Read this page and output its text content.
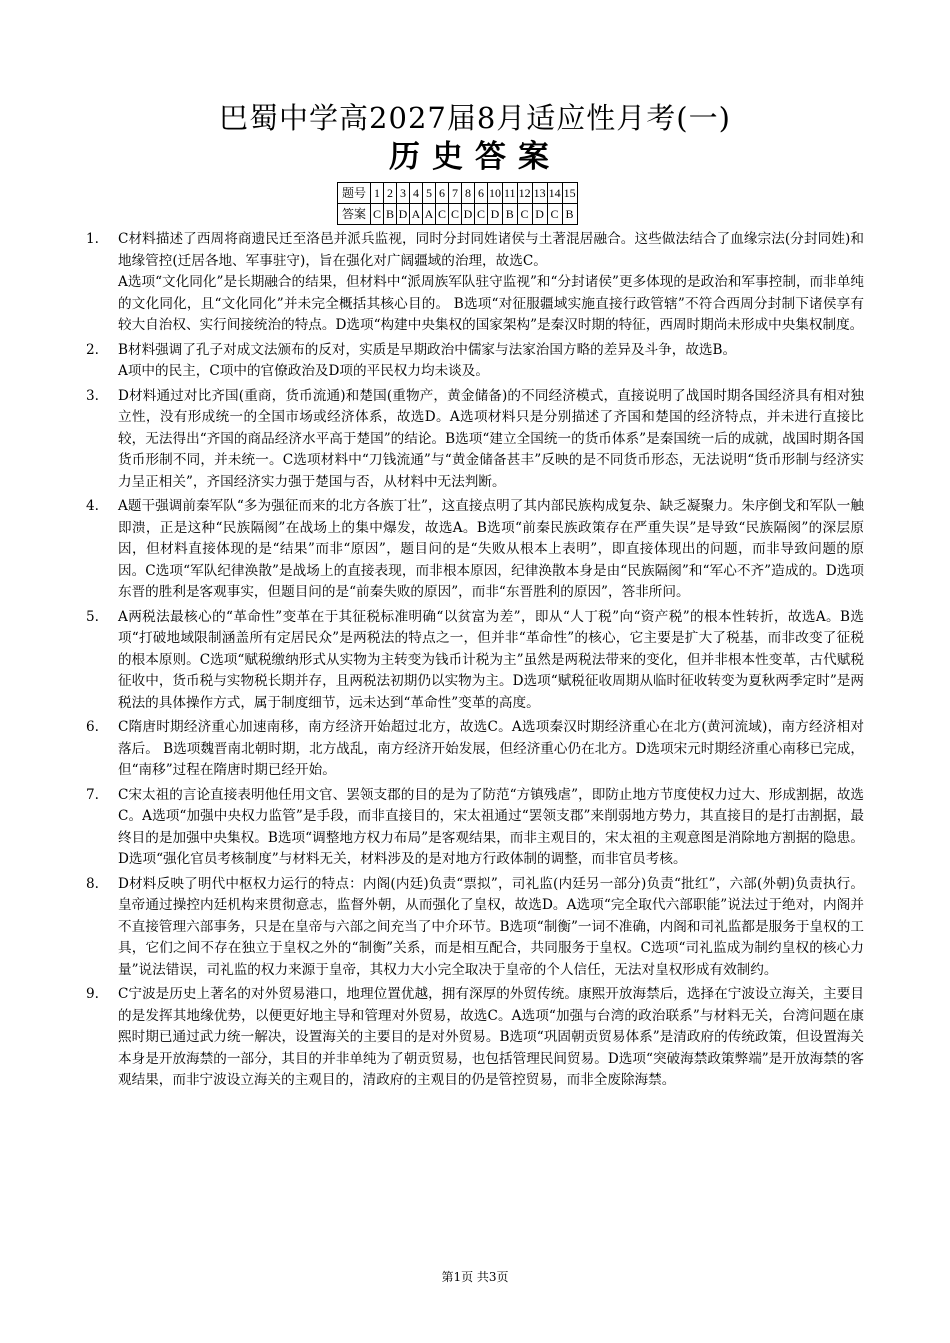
巴蜀中学高2027届8月适应性月考(一)
历史答案
题号	1	2	3	4	5	6	7	8	6	10	11	12	13	14	15
答案	C	B	D	A	A	C	C	D	C	D	B	C	D	C	B
1. C材料描述了西周将商遗民迁至洛邑并派兵监视，同时分封同姓诸侯与土著混居融合。这些做法结合了血缘宗法(分封同姓)和地缘管控(迁居各地、军事驻守)，旨在强化对广阔疆域的治理，故选C。
A选项“文化同化”是长期融合的结果，但材料中“派周族军队驻守监视”和“分封诸侯”更多体现的是政治和军事控制，而非单纯的文化同化，且“文化同化”并未完全概括其核心目的。 B选项“对征服疆域实施直接行政管辖”不符合西周分封制下诸侯享有较大自治权、实行间接统治的特点。D选项“构建中央集权的国家架构”是秦汉时期的特征，西周时期尚未形成中央集权制度。
2. B材料强调了孔子对成文法颁布的反对，实质是早期政治中儒家与法家治国方略的差异及斗争，故选B。
A项中的民主，C项中的官僚政治及D项的平民权力均未谈及。
3. D材料通过对比齐国(重商，货币流通)和楚国(重物产，黄金储备)的不同经济模式，直接说明了战国时期各国经济具有相对独立性，没有形成统一的全国市场或经济体系，故选D。A选项材料只是分别描述了齐国和楚国的经济特点，并未进行直接比较，无法得出“齐国的商品经济水平高于楚国”的结论。B选项“建立全国统一的货币体系”是秦国统一后的成就，战国时期各国货币形制不同，并未统一。C选项材料中“刀钱流通”与“黄金储备甚丰”反映的是不同货币形态，无法说明“货币形制与经济实力呈正相关”，齐国经济实力强于楚国与否，从材料中无法判断。
4. A题干强调前秦军队“多为强征而来的北方各族丁壮”，这直接点明了其内部民族构成复杂、缺乏凝聚力。朱序倒戈和军队一触即溃，正是这种“民族隔阂”在战场上的集中爆发，故选A。B选项“前秦民族政策存在严重失误”是导致“民族隔阂”的深层原因，但材料直接体现的是“结果”而非“原因”，题目问的是“失败从根本上表明”，即直接体现出的问题，而非导致问题的原因。C选项“军队纪律涣散”是战场上的直接表现，而非根本原因，纪律涣散本身是由“民族隔阂”和“军心不齐”造成的。D选项东晋的胜利是客观事实，但题目问的是“前秦失败的原因”，而非“东晋胜利的原因”，答非所问。
5. A两税法最核心的“革命性”变革在于其征税标准明确“以贫富为差”，即从“人丁税”向“资产税”的根本性转折，故选A。B选项“打破地域限制涵盖所有定居民众”是两税法的特点之一，但并非“革命性”的核心，它主要是扩大了税基，而非改变了征税的根本原则。C选项“赋税缴纳形式从实物为主转变为钱币计税为主”虽然是两税法带来的变化，但并非根本性变革，古代赋税征收中，货币税与实物税长期并存，且两税法初期仍以实物为主。D选项“赋税征收周期从临时征收转变为夏秋两季定时”是两税法的具体操作方式，属于制度细节，远未达到“革命性”变革的高度。
6. C隋唐时期经济重心加速南移，南方经济开始超过北方，故选C。A选项秦汉时期经济重心在北方(黄河流域)，南方经济相对落后。 B选项魏晋南北朝时期，北方战乱，南方经济开始发展，但经济重心仍在北方。D选项宋元时期经济重心南移已完成，但“南移”过程在隋唐时期已经开始。
7. C宋太祖的言论直接表明他任用文官、罢领支郡的目的是为了防范“方镇残虐”，即防止地方节度使权力过大、形成割据，故选C。A选项“加强中央权力监管”是手段，而非直接目的，宋太祖通过“罢领支郡”来削弱地方势力，其直接目的是打击割据，最终目的是加强中央集权。B选项“调整地方权力布局”是客观结果，而非主观目的，宋太祖的主观意图是消除地方割据的隐患。D选项“强化官员考核制度”与材料无关，材料涉及的是对地方行政体制的调整，而非官员考核。
8. D材料反映了明代中枢权力运行的特点：内阁(内廷)负责“票拟”，司礼监(内廷另一部分)负责“批红”，六部(外朝)负责执行。皇帝通过操控内廷机构来贯彻意志，监督外朝，从而强化了皇权，故选D。A选项“完全取代六部职能”说法过于绝对，内阁并不直接管理六部事务，只是在皇帝与六部之间充当了中介环节。B选项“制衡”一词不准确，内阁和司礼监都是服务于皇权的工具，它们之间不存在独立于皇权之外的“制衡”关系，而是相互配合，共同服务于皇权。C选项“司礼监成为制约皇权的核心力量”说法错误，司礼监的权力来源于皇帝，其权力大小完全取决于皇帝的个人信任，无法对皇权形成有效制约。
9. C宁波是历史上著名的对外贸易港口，地理位置优越，拥有深厚的外贸传统。康熙开放海禁后，选择在宁波设立海关，主要目的是发挥其地缘优势，以便更好地主导和管理对外贸易，故选C。A选项“加强与台湾的政治联系”与材料无关，台湾问题在康熙时期已通过武力统一解决，设置海关的主要目的是对外贸易。B选项“巩固朝贡贸易体系”是清政府的传统政策，但设置海关本身是开放海禁的一部分，其目的并非单纯为了朝贡贸易，也包括管理民间贸易。D选项“突破海禁政策弊端”是开放海禁的客观结果，而非宁波设立海关的主观目的，清政府的主观目的仍是管控贸易，而非全废除海禁。
第1页 共3页
